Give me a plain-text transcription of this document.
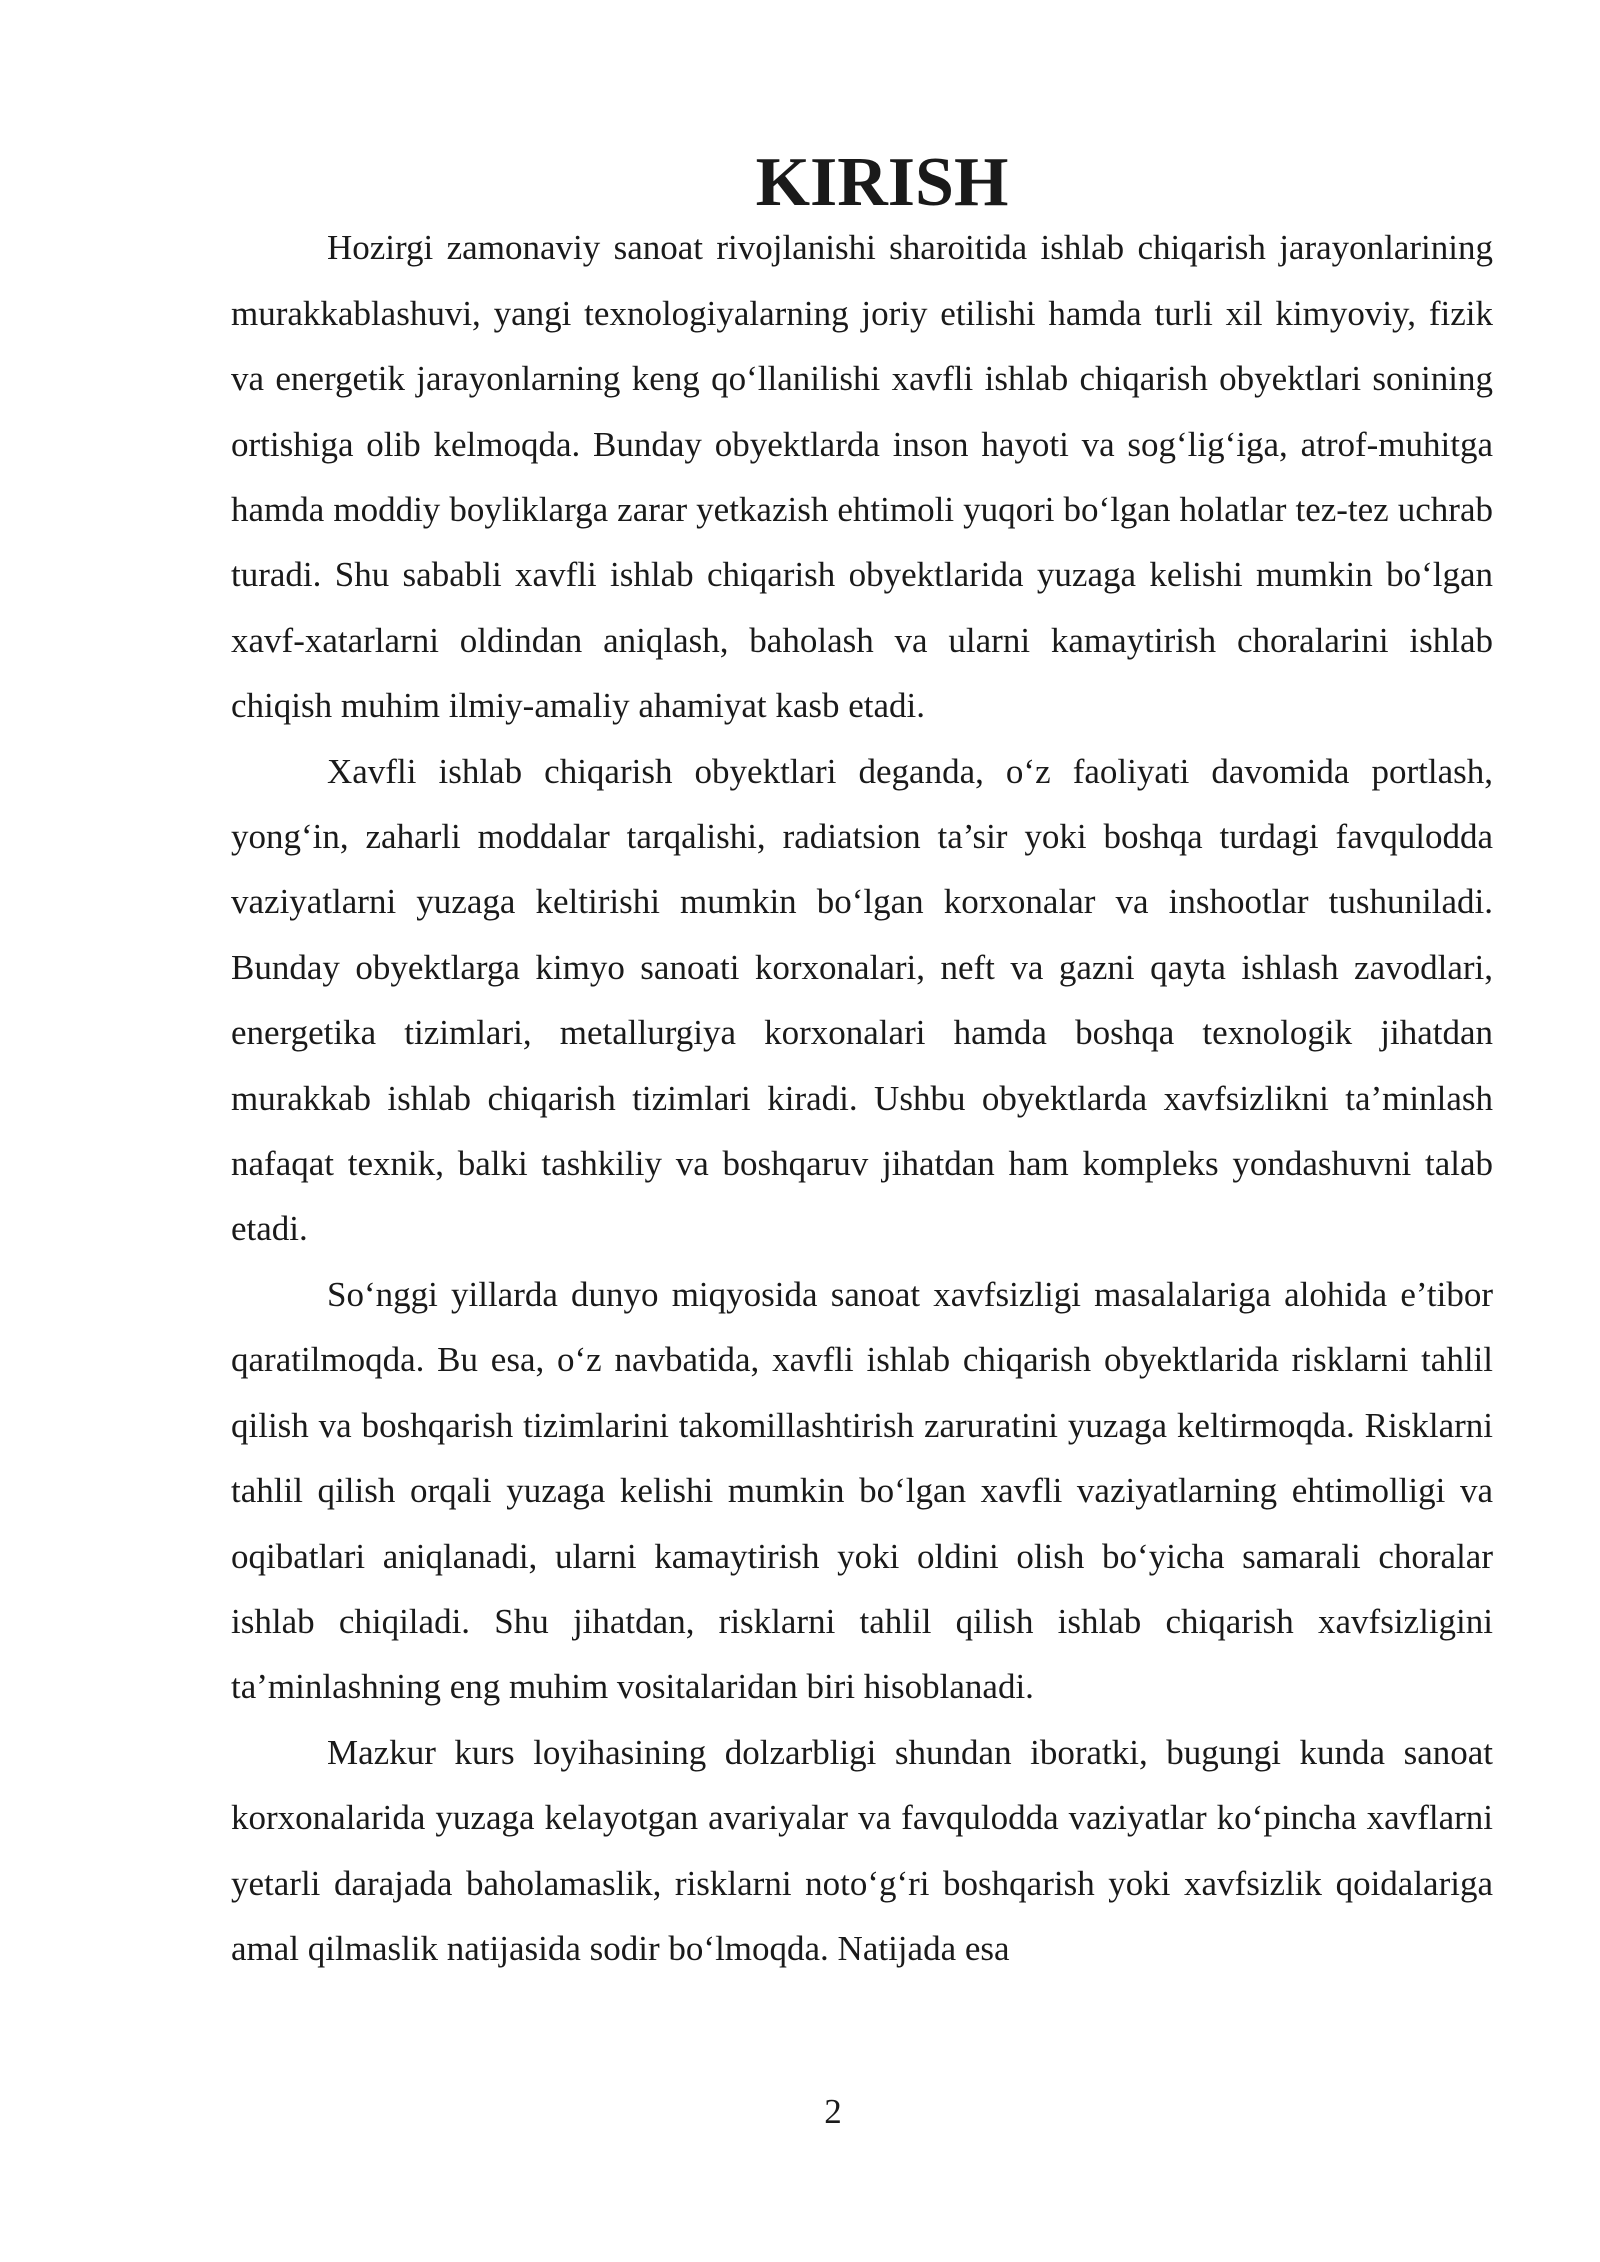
KIRISH

Hozirgi zamonaviy sanoat rivojlanishi sharoitida ishlab chiqarish jarayonlarining murakkablashuvi, yangi texnologiyalarning joriy etilishi hamda turli xil kimyoviy, fizik va energetik jarayonlarning keng qo‘llanilishi xavfli ishlab chiqarish obyektlari sonining ortishiga olib kelmoqda. Bunday obyektlarda inson hayoti va sog‘lig‘iga, atrof-muhitga hamda moddiy boyliklarga zarar yetkazish ehtimoli yuqori bo‘lgan holatlar tez-tez uchrab turadi. Shu sababli xavfli ishlab chiqarish obyektlarida yuzaga kelishi mumkin bo‘lgan xavf-xatarlarni oldindan aniqlash, baholash va ularni kamaytirish choralarini ishlab chiqish muhim ilmiy-amaliy ahamiyat kasb etadi.

Xavfli ishlab chiqarish obyektlari deganda, o‘z faoliyati davomida portlash, yong‘in, zaharli moddalar tarqalishi, radiatsion ta’sir yoki boshqa turdagi favqulodda vaziyatlarni yuzaga keltirishi mumkin bo‘lgan korxonalar va inshootlar tushuniladi. Bunday obyektlarga kimyo sanoati korxonalari, neft va gazni qayta ishlash zavodlari, energetika tizimlari, metallurgiya korxonalari hamda boshqa texnologik jihatdan murakkab ishlab chiqarish tizimlari kiradi. Ushbu obyektlarda xavfsizlikni ta’minlash nafaqat texnik, balki tashkiliy va boshqaruv jihatdan ham kompleks yondashuvni talab etadi.

So‘nggi yillarda dunyo miqyosida sanoat xavfsizligi masalalariga alohida e’tibor qaratilmoqda. Bu esa, o‘z navbatida, xavfli ishlab chiqarish obyektlarida risklarni tahlil qilish va boshqarish tizimlarini takomillashtirish zaruratini yuzaga keltirmoqda. Risklarni tahlil qilish orqali yuzaga kelishi mumkin bo‘lgan xavfli vaziyatlarning ehtimolligi va oqibatlari aniqlanadi, ularni kamaytirish yoki oldini olish bo‘yicha samarali choralar ishlab chiqiladi. Shu jihatdan, risklarni tahlil qilish ishlab chiqarish xavfsizligini ta’minlashning eng muhim vositalaridan biri hisoblanadi.

Mazkur kurs loyihasining dolzarbligi shundan iboratki, bugungi kunda sanoat korxonalarida yuzaga kelayotgan avariyalar va favqulodda vaziyatlar ko‘pincha xavflarni yetarli darajada baholamaslik, risklarni noto‘g‘ri boshqarish yoki xavfsizlik qoidalariga amal qilmaslik natijasida sodir bo‘lmoqda. Natijada esa

2
